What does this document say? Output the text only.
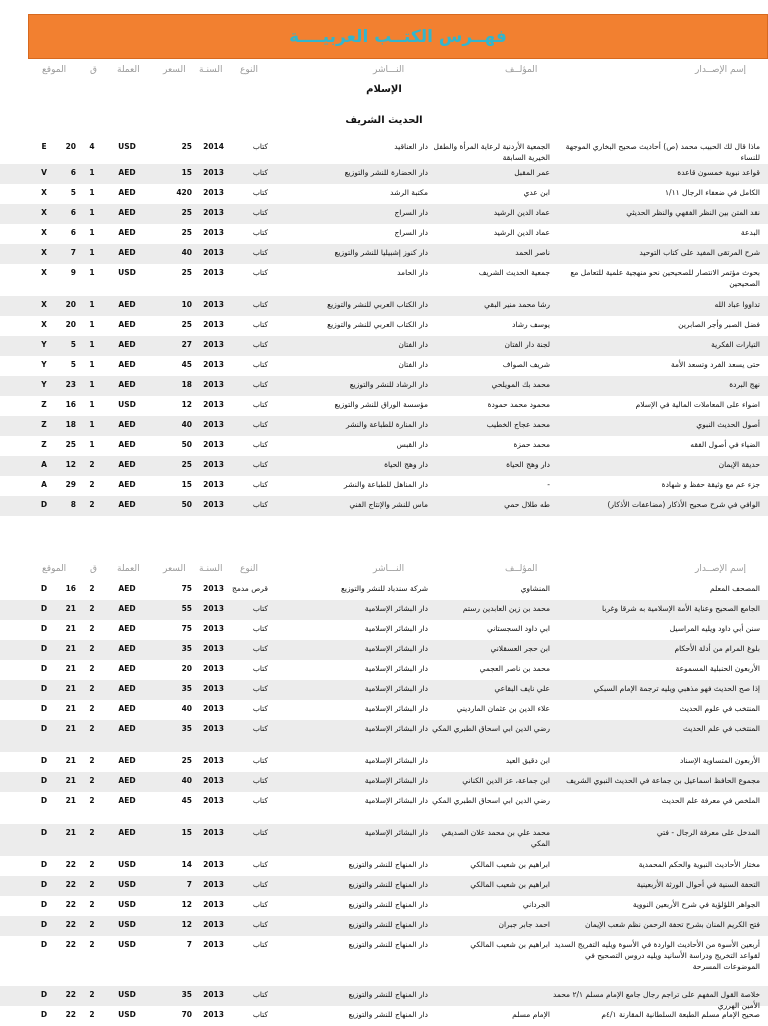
فهــرس الكتــب العربيــــة
إسم الإصــدار
المؤلــف
النـــاشر
النوع
السنـة
السعر
العملة
ق
الموقع
الإسلام
الحديث الشريف
ماذا قال لك الحبيب محمد (ص) أحاديث صحيح البخاري الموجهة للنساء
الجمعية الأردنية لرعاية المرأة والطفل الخيرية السابقة
دار العناقيد
كتاب
2014
25
USD
4
20
E
قواعد نبوية خمسون قاعدة
عمر المقبل
دار الحضارة للنشر والتوزيع
كتاب
2013
15
AED
1
6
V
الكامل في ضعفاء الرجال ١/١١
ابن عدي
مكتبة الرشد
كتاب
2013
420
AED
1
5
X
نقد المتن بين النظر الفقهي والنظر الحديثي
عماد الدين الرشيد
دار السراج
كتاب
2013
25
AED
1
6
X
البدعة
عماد الدين الرشيد
دار السراج
كتاب
2013
25
AED
1
6
X
شرح المرتقى المفيد على كتاب التوحيد
ناصر الحمد
دار كنوز إشبيليا للنشر والتوزيع
كتاب
2013
40
AED
1
7
X
بحوث مؤتمر الانتصار للصحيحين نحو منهجية علمية للتعامل مع الصحيحين
جمعية الحديث الشريف
دار الحامد
كتاب
2013
25
USD
1
9
X
تداووا عباد الله
رشا محمد منير البقي
دار الكتاب العربي للنشر والتوزيع
كتاب
2013
10
AED
1
20
X
فضل الصبر وأجر الصابرين
يوسف رشاد
دار الكتاب العربي للنشر والتوزيع
كتاب
2013
25
AED
1
20
X
التيارات الفكرية
لجنة دار الفتان
دار الفتان
كتاب
2013
27
AED
1
5
Y
حتى يسعد الفرد وتسعد الأمة
شريف الصواف
دار الفتان
كتاب
2013
45
AED
1
5
Y
نهج البردة
محمد بك المويلحي
دار الرشاد للنشر والتوزيع
كتاب
2013
18
AED
1
23
Y
اضواء على المعاملات المالية في الإسلام
محمود محمد حمودة
مؤسسة الوراق للنشر والتوزيع
كتاب
2013
12
USD
1
16
Z
أصول الحديث النبوي
محمد عجاج الخطيب
دار المنارة للطباعة والنشر
كتاب
2013
40
AED
1
18
Z
الضياء في أصول الفقه
محمد حمزة
دار القبس
كتاب
2013
50
AED
1
25
Z
حديقة الإيمان
دار وهج الحياة
دار وهج الحياة
كتاب
2013
25
AED
2
12
A
جزء عم مع وثيقة حفظ و شهادة
-
دار المناهل للطباعة والنشر
كتاب
2013
15
AED
2
29
A
الوافي في شرح صحيح الأذكار (مضاعفات الأذكار)
طه طلال حمي
ماس للنشر والإنتاج الفني
كتاب
2013
50
AED
2
8
D
إسم الإصــدار
المؤلــف
النـــاشر
النوع
السنـة
السعر
العملة
ق
الموقع
المصحف المعلم
المنشاوي
شركة سندباد للنشر والتوزيع
قرص مدمج
2013
75
AED
2
16
D
الجامع الصحيح وعناية الأمة الإسلامية به شرقا وغربا
محمد بن زين العابدين رستم
دار البشائر الإسلامية
كتاب
2013
55
AED
2
21
D
سنن أبي داود ويليه المراسيل
ابي داود السجستاني
دار البشائر الإسلامية
كتاب
2013
75
AED
2
21
D
بلوغ المرام من أدلة الأحكام
ابن حجر العسقلاني
دار البشائر الإسلامية
كتاب
2013
35
AED
2
21
D
الأربعون الحنبلية المسموعة
محمد بن ناصر العجمي
دار البشائر الإسلامية
كتاب
2013
20
AED
2
21
D
إذا صح الحديث فهو مذهبي ويليه ترجمة الإمام السبكي
علي نايف البقاعي
دار البشائر الإسلامية
كتاب
2013
35
AED
2
21
D
المنتخب في علوم الحديث
علاء الدين بن عثمان المارديني
دار البشائر الإسلامية
كتاب
2013
40
AED
2
21
D
المنتخب في علم الحديث
رضي الدين ابي اسحاق الطبري المكي
دار البشائر الإسلامية
كتاب
2013
35
AED
2
21
D
الأربعون المتساوية الإسناد
ابن دقيق العيد
دار البشائر الإسلامية
كتاب
2013
25
AED
2
21
D
مجموع الحافظ اسماعيل بن جماعة في الحديث النبوي الشريف
ابن جماعة، عز الدين الكناني
دار البشائر الإسلامية
كتاب
2013
40
AED
2
21
D
الملخص في معرفة علم الحديث
رضي الدين ابي اسحاق الطبري المكي
دار البشائر الإسلامية
كتاب
2013
45
AED
2
21
D
المدخل على معرفة الرجال - فتي
محمد علي بن محمد علان الصديقي المكي
دار البشائر الإسلامية
كتاب
2013
15
AED
2
21
D
مختار الأحاديث النبوية والحكم المحمدية
ابراهيم بن شعيب المالكي
دار المنهاج للنشر والتوزيع
كتاب
2013
14
USD
2
22
D
التحفة السنية في أحوال الورثة الأربعينية
ابراهيم بن شعيب المالكي
دار المنهاج للنشر والتوزيع
كتاب
2013
7
USD
2
22
D
الجواهر اللؤلؤية في شرح الأربعين النووية
الجرداني
دار المنهاج للنشر والتوزيع
كتاب
2013
12
USD
2
22
D
فتح الكريم المنان بشرح تحفة الرحمن نظم شعب الإيمان
احمد جابر جبران
دار المنهاج للنشر والتوزيع
كتاب
2013
12
USD
2
22
D
أربعين الأسوة من الأحاديث الواردة في الأسوة ويليه التفريج السديد لقواعد التخريج ودراسة الأسانيد ويليه دروس التصحيح في الموضوعات المسرحة
ابراهيم بن شعيب المالكي
دار المنهاج للنشر والتوزيع
كتاب
2013
7
USD
2
22
D
خلاصة القول المفهم على تراجم رجال جامع الإمام مسلم ٢/١ محمد الأمين الهرري
دار المنهاج للنشر والتوزيع
كتاب
2013
35
USD
2
22
D
صحيح الإمام مسلم الطبعة السلطانية المقارنة ٤/١م
الإمام مسلم
دار المنهاج للنشر والتوزيع
كتاب
2013
70
USD
2
22
D
